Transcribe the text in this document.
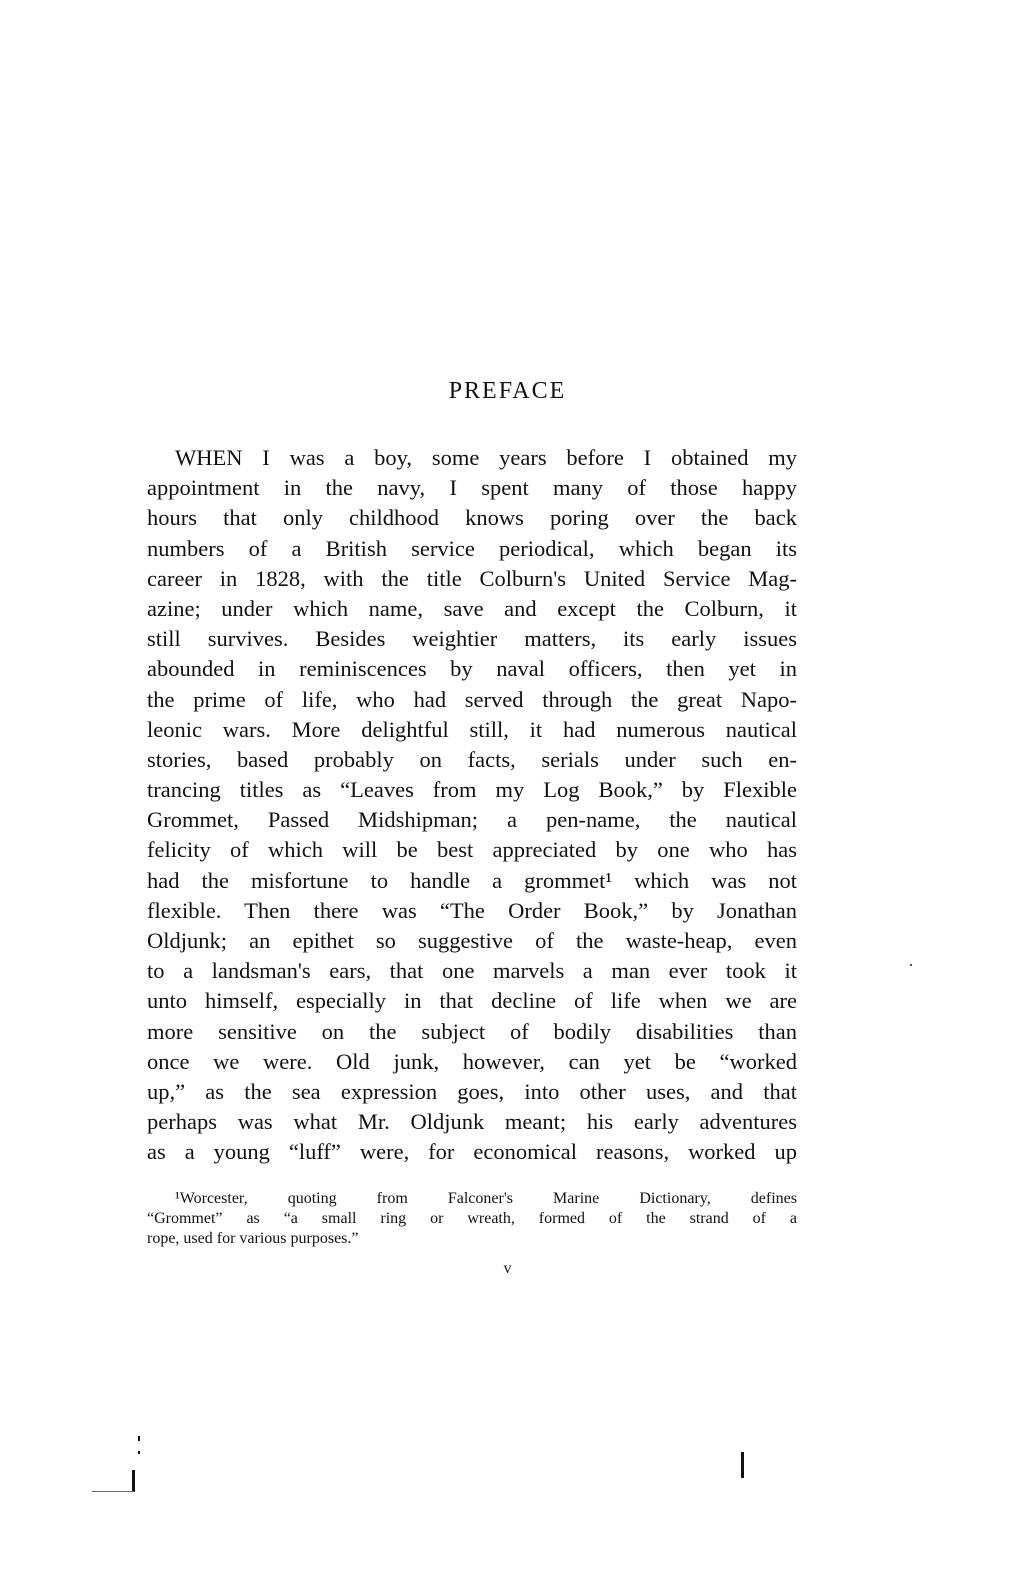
PREFACE
WHEN I was a boy, some years before I obtained my
appointment in the navy, I spent many of those happy
hours that only childhood knows poring over the back
numbers of a British service periodical, which began its
career in 1828, with the title Colburn's United Service Mag-
azine; under which name, save and except the Colburn, it
still survives. Besides weightier matters, its early issues
abounded in reminiscences by naval officers, then yet in
the prime of life, who had served through the great Napo-
leonic wars. More delightful still, it had numerous nautical
stories, based probably on facts, serials under such en-
trancing titles as “Leaves from my Log Book,” by Flexible
Grommet, Passed Midshipman; a pen-name, the nautical
felicity of which will be best appreciated by one who has
had the misfortune to handle a grommet¹ which was not
flexible. Then there was “The Order Book,” by Jonathan
Oldjunk; an epithet so suggestive of the waste-heap, even
to a landsman's ears, that one marvels a man ever took it
unto himself, especially in that decline of life when we are
more sensitive on the subject of bodily disabilities than
once we were. Old junk, however, can yet be “worked
up,” as the sea expression goes, into other uses, and that
perhaps was what Mr. Oldjunk meant; his early adventures
as a young “luff” were, for economical reasons, worked up
¹Worcester, quoting from Falconer's Marine Dictionary, defines
“Grommet” as “a small ring or wreath, formed of the strand of a
rope, used for various purposes.”
v
